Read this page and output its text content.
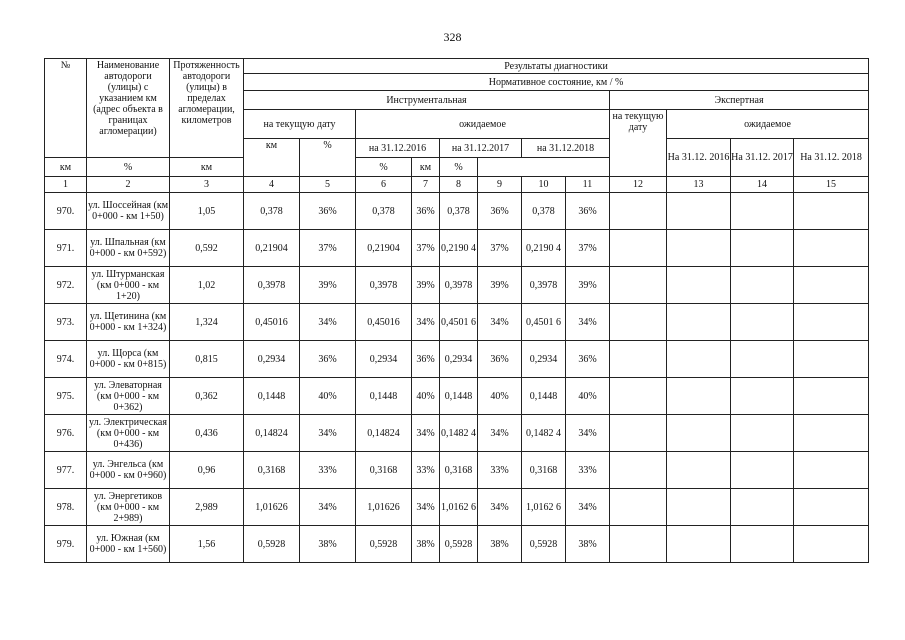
328
№	Наименование автодороги (улицы) с указанием км (адрес объекта в границах агломерации)	Протяженность автодороги (улицы) в пределах агломерации, километров	Результаты диагностики											
			Нормативное состояние, км / %											
			Инструментальная								Экспертная			
			на текущую дату		ожидаемое						на текущую дату	ожидаемое		
			км	%	на 31.12.2016		на 31.12.2017		на 31.12.2018			На 31.12. 2016	На 31.12. 2017	На 31.12. 2018
км	%	км			%	км	%							
1	2	3	4	5	6	7	8	9	10	11	12	13	14	15
970.	ул. Шоссейная (км 0+000 - км 1+50)	1,05	0,378	36%	0,378	36%	0,378	36%	0,378	36%				
971.	ул. Шпальная (км 0+000 - км 0+592)	0,592	0,21904	37%	0,21904	37%	0,2190 4	37%	0,2190 4	37%				
972.	ул. Штурманская (км 0+000 - км 1+20)	1,02	0,3978	39%	0,3978	39%	0,3978	39%	0,3978	39%				
973.	ул. Щетинина (км 0+000 - км 1+324)	1,324	0,45016	34%	0,45016	34%	0,4501 6	34%	0,4501 6	34%				
974.	ул. Щорса (км 0+000 - км 0+815)	0,815	0,2934	36%	0,2934	36%	0,2934	36%	0,2934	36%				
975.	ул. Элеваторная (км 0+000 - км 0+362)	0,362	0,1448	40%	0,1448	40%	0,1448	40%	0,1448	40%				
976.	ул. Электрическая (км 0+000 - км 0+436)	0,436	0,14824	34%	0,14824	34%	0,1482 4	34%	0,1482 4	34%				
977.	ул. Энгельса (км 0+000 - км 0+960)	0,96	0,3168	33%	0,3168	33%	0,3168	33%	0,3168	33%				
978.	ул. Энергетиков (км 0+000 - км 2+989)	2,989	1,01626	34%	1,01626	34%	1,0162 6	34%	1,0162 6	34%				
979.	ул. Южная (км 0+000 - км 1+560)	1,56	0,5928	38%	0,5928	38%	0,5928	38%	0,5928	38%				
